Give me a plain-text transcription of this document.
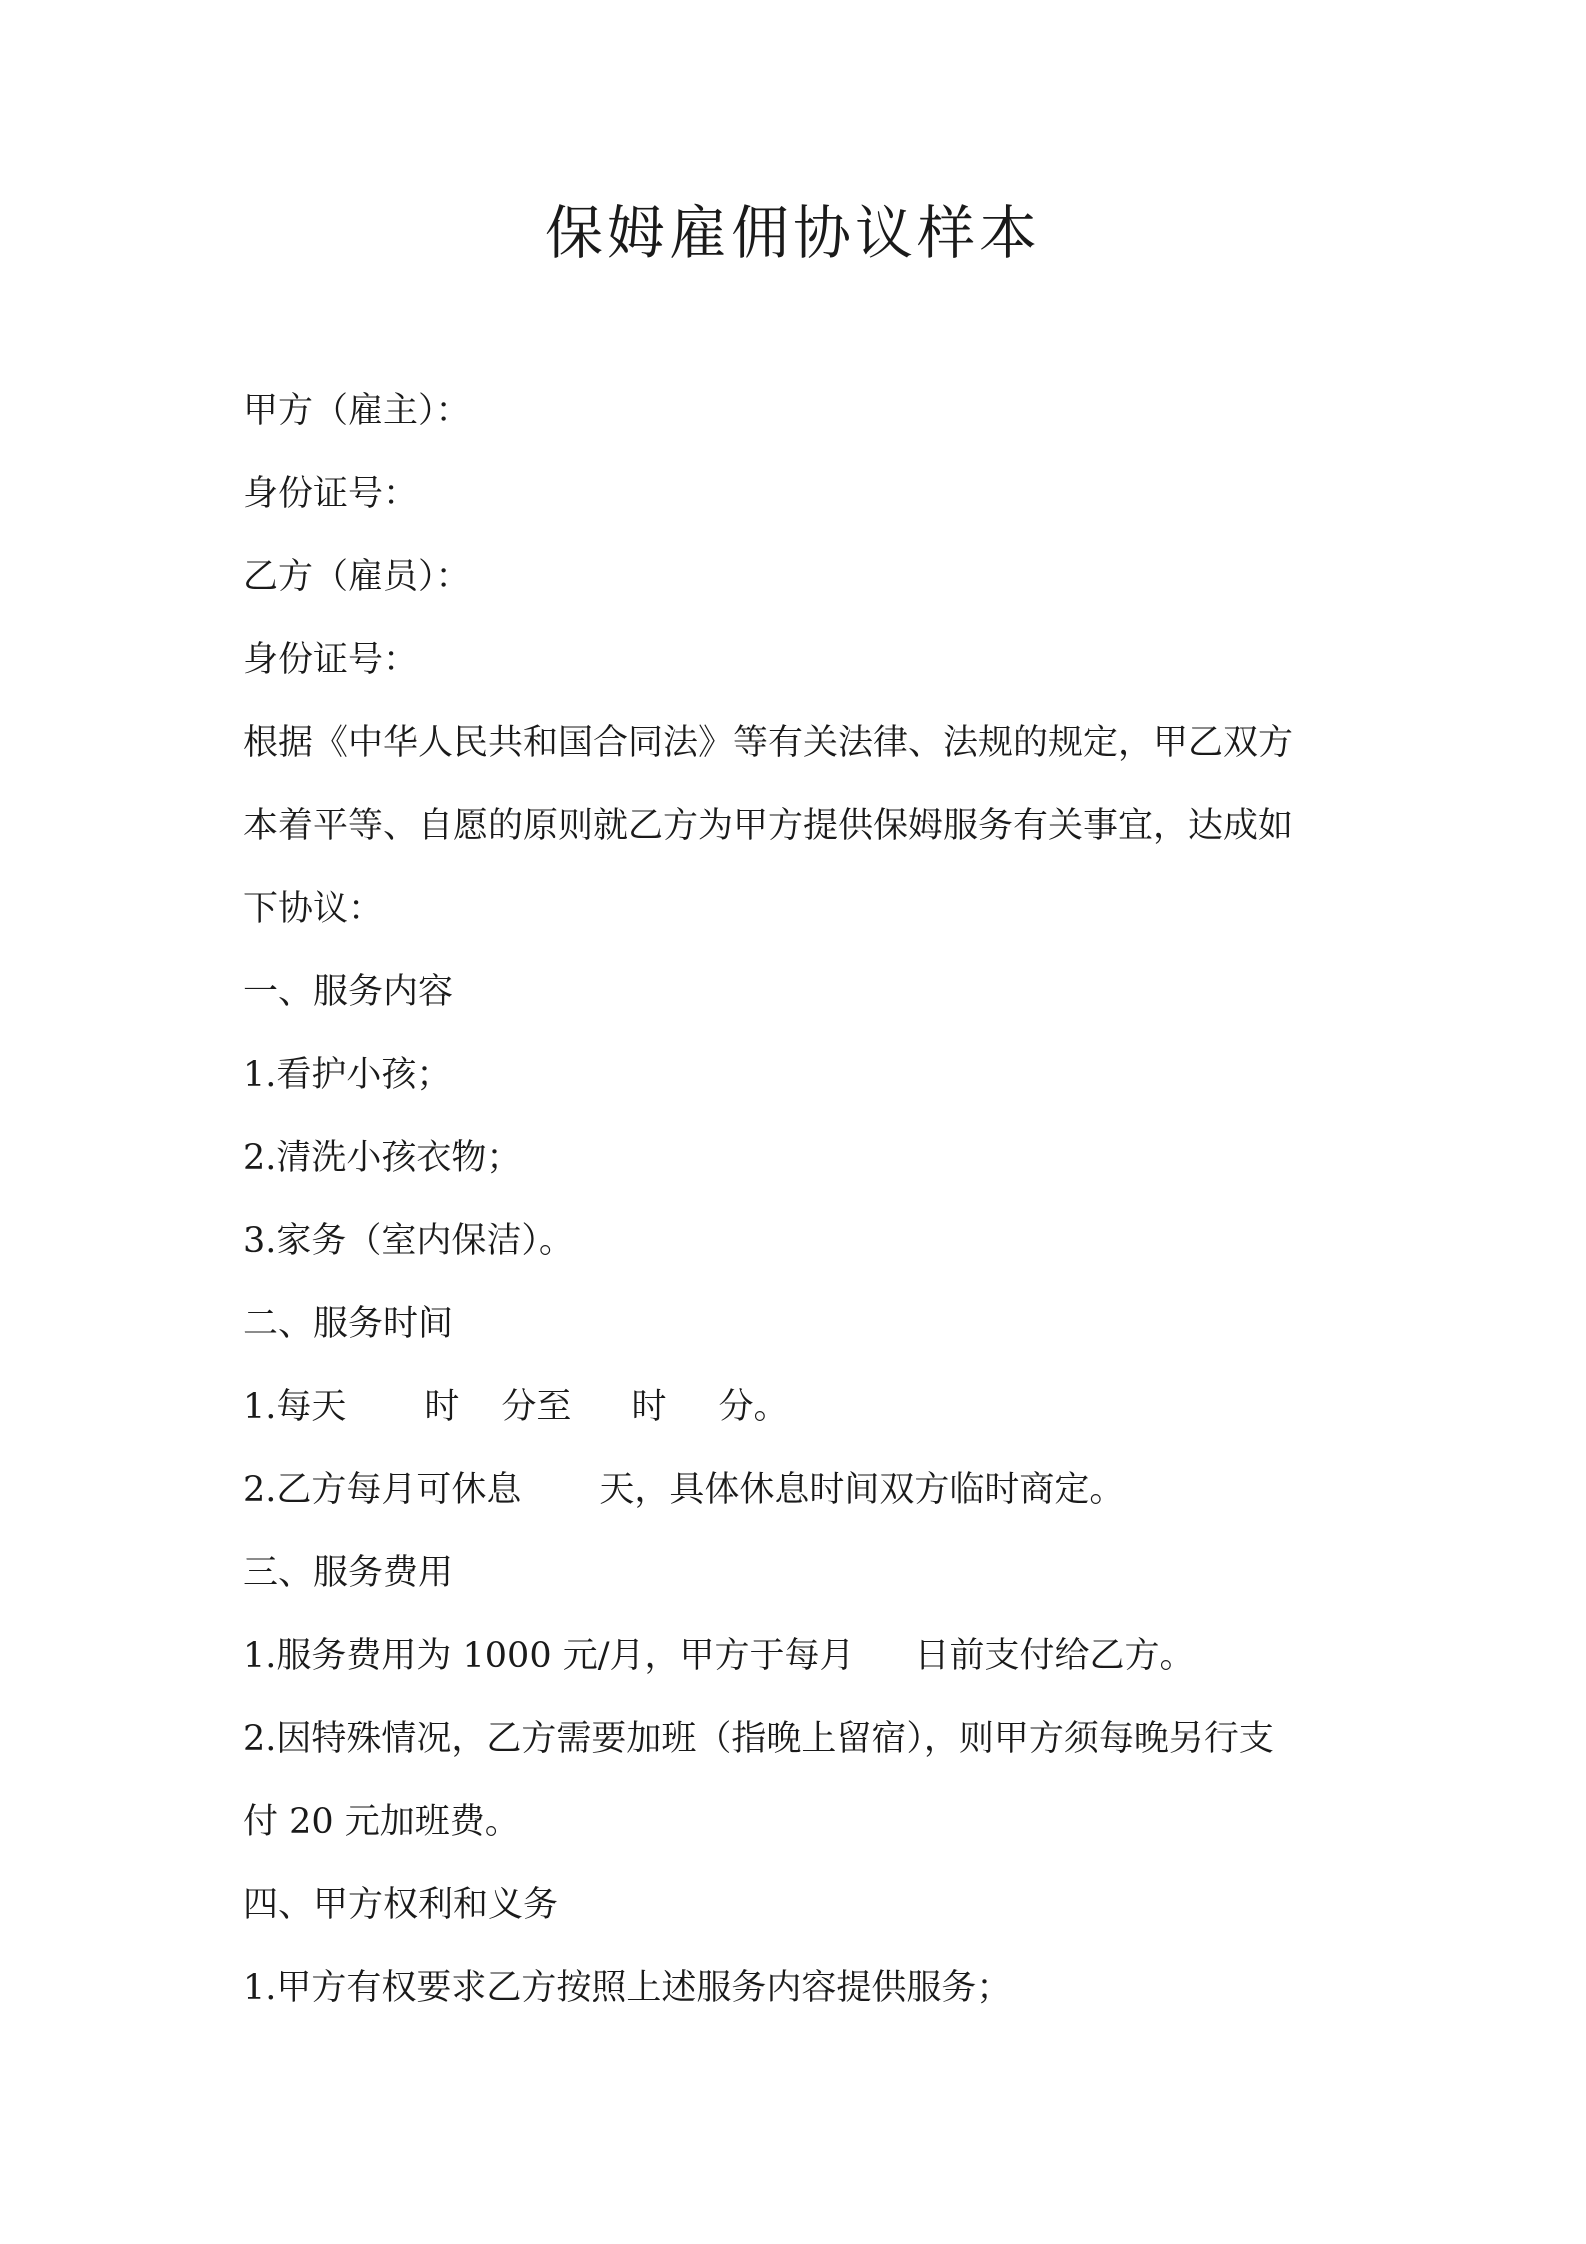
保姆雇佣协议样本

甲方（雇主）：

身份证号：

乙方（雇员）：

身份证号：

根据《中华人民共和国合同法》等有关法律、法规的规定，甲乙双方

本着平等、自愿的原则就乙方为甲方提供保姆服务有关事宜，达成如

下协议：

一、服务内容

1.看护小孩；

2.清洗小孩衣物；

3.家务（室内保洁）。

二、服务时间

1.每天 时 分至 时 分。

2.乙方每月可休息 天，具体休息时间双方临时商定。

三、服务费用

1.服务费用为 1000 元/月，甲方于每月 日前支付给乙方。

2.因特殊情况，乙方需要加班（指晚上留宿），则甲方须每晚另行支

付 20 元加班费。

四、甲方权利和义务

1.甲方有权要求乙方按照上述服务内容提供服务；
